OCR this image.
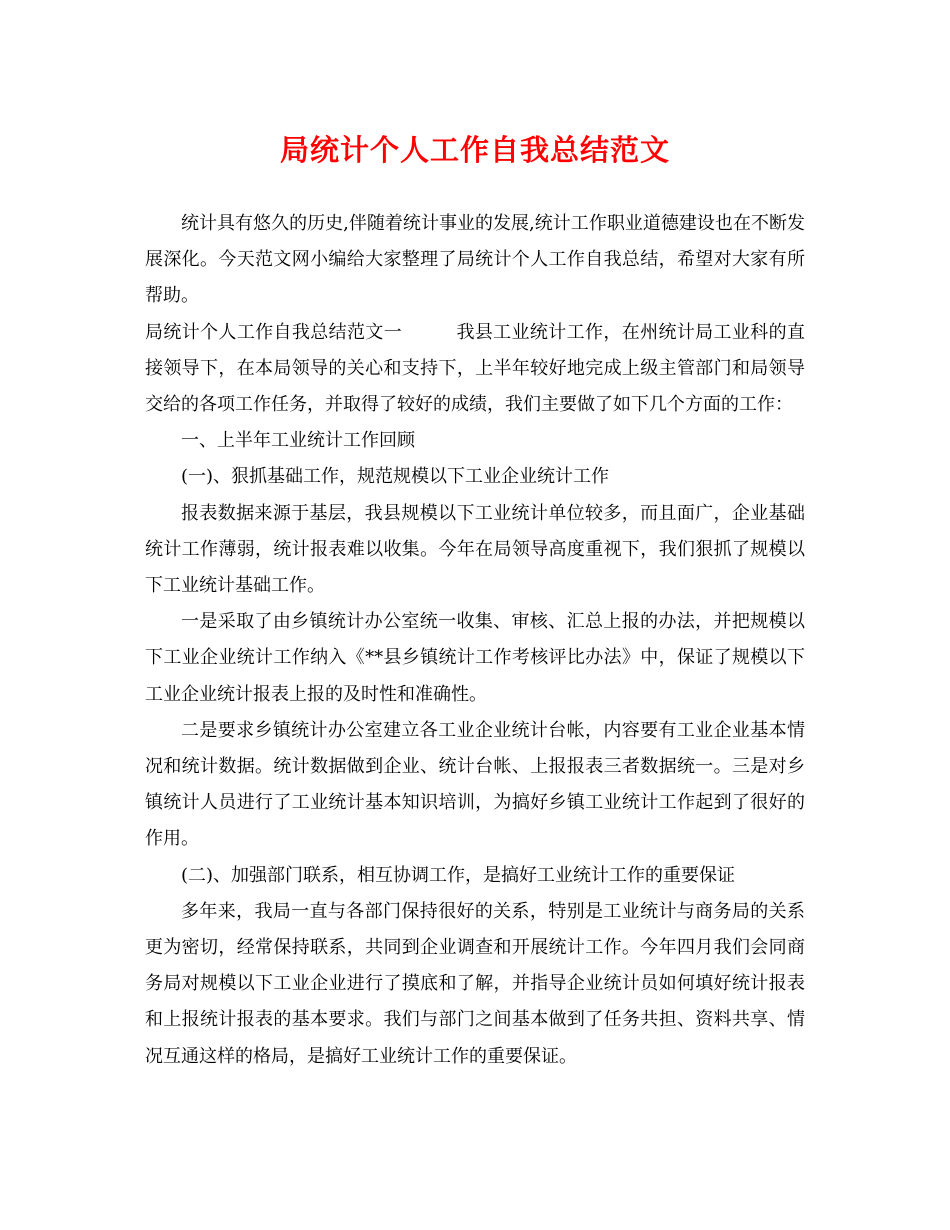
局统计个人工作自我总结范文

统计具有悠久的历史,伴随着统计事业的发展,统计工作职业道德建设也在不断发展深化。今天范文网小编给大家整理了局统计个人工作自我总结，希望对大家有所帮助。

局统计个人工作自我总结范文一	我县工业统计工作，在州统计局工业科的直接领导下，在本局领导的关心和支持下，上半年较好地完成上级主管部门和局领导交给的各项工作任务，并取得了较好的成绩，我们主要做了如下几个方面的工作：

一、上半年工业统计工作回顾

(一)、狠抓基础工作，规范规模以下工业企业统计工作

报表数据来源于基层，我县规模以下工业统计单位较多，而且面广，企业基础统计工作薄弱，统计报表难以收集。今年在局领导高度重视下，我们狠抓了规模以下工业统计基础工作。

一是采取了由乡镇统计办公室统一收集、审核、汇总上报的办法，并把规模以下工业企业统计工作纳入《**县乡镇统计工作考核评比办法》中，保证了规模以下工业企业统计报表上报的及时性和准确性。

二是要求乡镇统计办公室建立各工业企业统计台帐，内容要有工业企业基本情况和统计数据。统计数据做到企业、统计台帐、上报报表三者数据统一。三是对乡镇统计人员进行了工业统计基本知识培训，为搞好乡镇工业统计工作起到了很好的作用。

(二)、加强部门联系，相互协调工作，是搞好工业统计工作的重要保证

多年来，我局一直与各部门保持很好的关系，特别是工业统计与商务局的关系更为密切，经常保持联系，共同到企业调查和开展统计工作。今年四月我们会同商务局对规模以下工业企业进行了摸底和了解，并指导企业统计员如何填好统计报表和上报统计报表的基本要求。我们与部门之间基本做到了任务共担、资料共享、情况互通这样的格局，是搞好工业统计工作的重要保证。
